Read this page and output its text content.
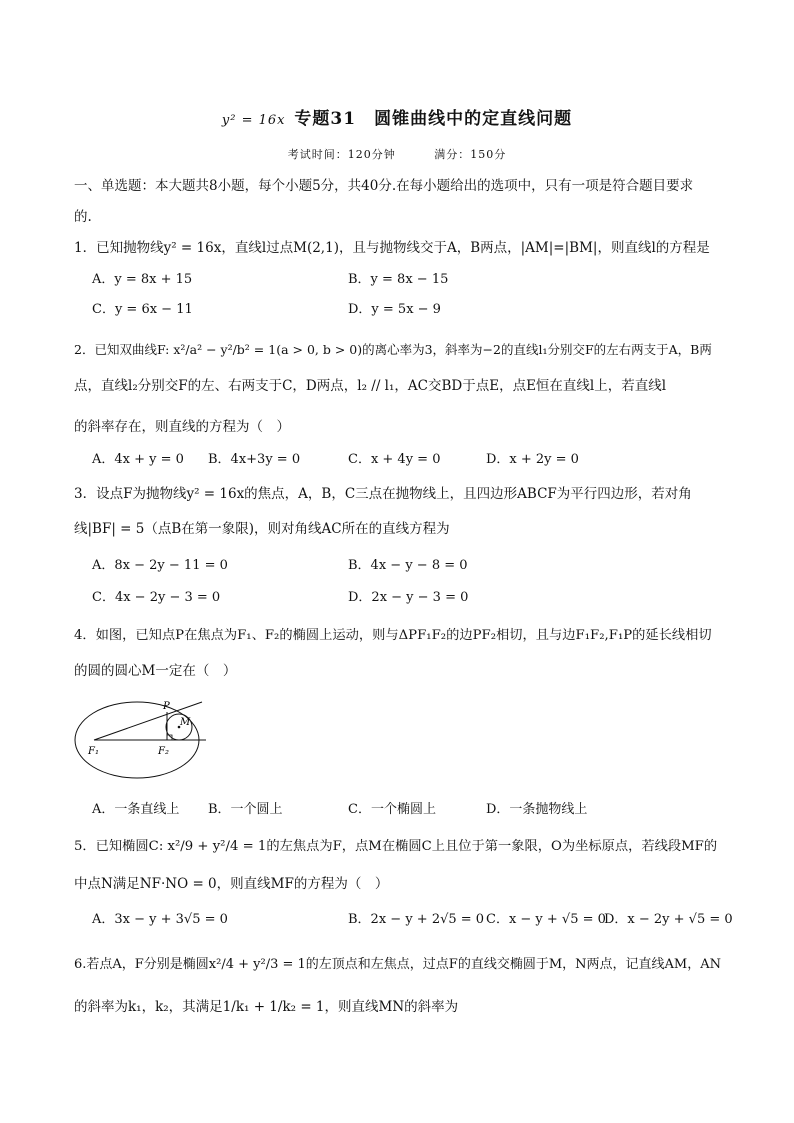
y² = 16x 专题31　圆锥曲线中的定直线问题
考试时间：120分钟	满分：150分
一、单选题：本大题共8小题，每个小题5分，共40分.在每小题给出的选项中，只有一项是符合题目要求
的.
1．已知抛物线y² = 16x，直线l过点M(2,1)，且与抛物线交于A，B两点，|AM|=|BM|，则直线l的方程是
A．y = 8x + 15	B．y = 8x − 15
C．y = 6x − 11	D．y = 5x − 9
2．已知双曲线F: x²/a² − y²/b² = 1(a > 0, b > 0)的离心率为3，斜率为−2的直线l₁分别交F的左右两支于A，B两
点，直线l₂分别交F的左、右两支于C，D两点，l₂ // l₁，AC交BD于点E，点E恒在直线l上，若直线l
的斜率存在，则直线的方程为（　）
A．4x + y = 0 B．4x+3y = 0	C．x + 4y = 0	D．x + 2y = 0
3．设点F为抛物线y² = 16x的焦点，A，B，C三点在抛物线上，且四边形ABCF为平行四边形，若对角
线|BF| = 5（点B在第一象限)，则对角线AC所在的直线方程为
A．8x − 2y − 11 = 0	B．4x − y − 8 = 0
C．4x − 2y − 3 = 0	D．2x − y − 3 = 0
4．如图，已知点P在焦点为F₁、F₂的椭圆上运动，则与ΔPF₁F₂的边PF₂相切，且与边F₁F₂,F₁P的延长线相切
的圆的圆心M一定在（　）
P
M
F₁	F₂
A．一条直线上 B．一个圆上	C．一个椭圆上	D．一条抛物线上
5．已知椭圆C: x²/9 + y²/4 = 1的左焦点为F，点M在椭圆C上且位于第一象限，O为坐标原点，若线段MF的
中点N满足NF·NO = 0，则直线MF的方程为（　）
A．3x − y + 3√5 = 0	B．2x − y + 2√5 = 0 C．x − y + √5 = 0
D．x − 2y + √5 = 0
6.若点A，F分别是椭圆x²/4 + y²/3 = 1的左顶点和左焦点，过点F的直线交椭圆于M，N两点，记直线AM，AN
的斜率为k₁，k₂，其满足1/k₁ + 1/k₂ = 1，则直线MN的斜率为
